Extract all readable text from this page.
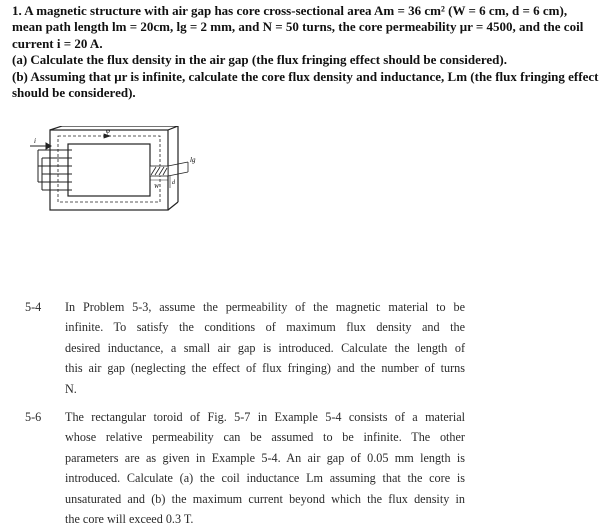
1. A magnetic structure with air gap has core cross-sectional area Am = 36 cm² (W = 6 cm, d = 6 cm),

mean path length lm = 20cm, lg = 2 mm, and N = 50 turns, the core permeability μr = 4500, and the coil

current i = 20 A.

(a) Calculate the flux density in the air gap (the flux fringing effect should be considered).

(b) Assuming that μr is infinite, calculate the core flux density and inductance, Lm (the flux fringing effect

should be considered).

φ
i
lg
W
d
5-4 In Problem 5-3, assume the permeability of the magnetic material to be
infinite. To satisfy the conditions of maximum flux density and the
desired inductance, a small air gap is introduced. Calculate the length of
this air gap (neglecting the effect of flux fringing) and the number of turns
N.
5-6 The rectangular toroid of Fig. 5-7 in Example 5-4 consists of a material
whose relative permeability can be assumed to be infinite. The other
parameters are as given in Example 5-4. An air gap of 0.05 mm length is
introduced. Calculate (a) the coil inductance Lm assuming that the core is
unsaturated and (b) the maximum current beyond which the flux density in
the core will exceed 0.3 T.
